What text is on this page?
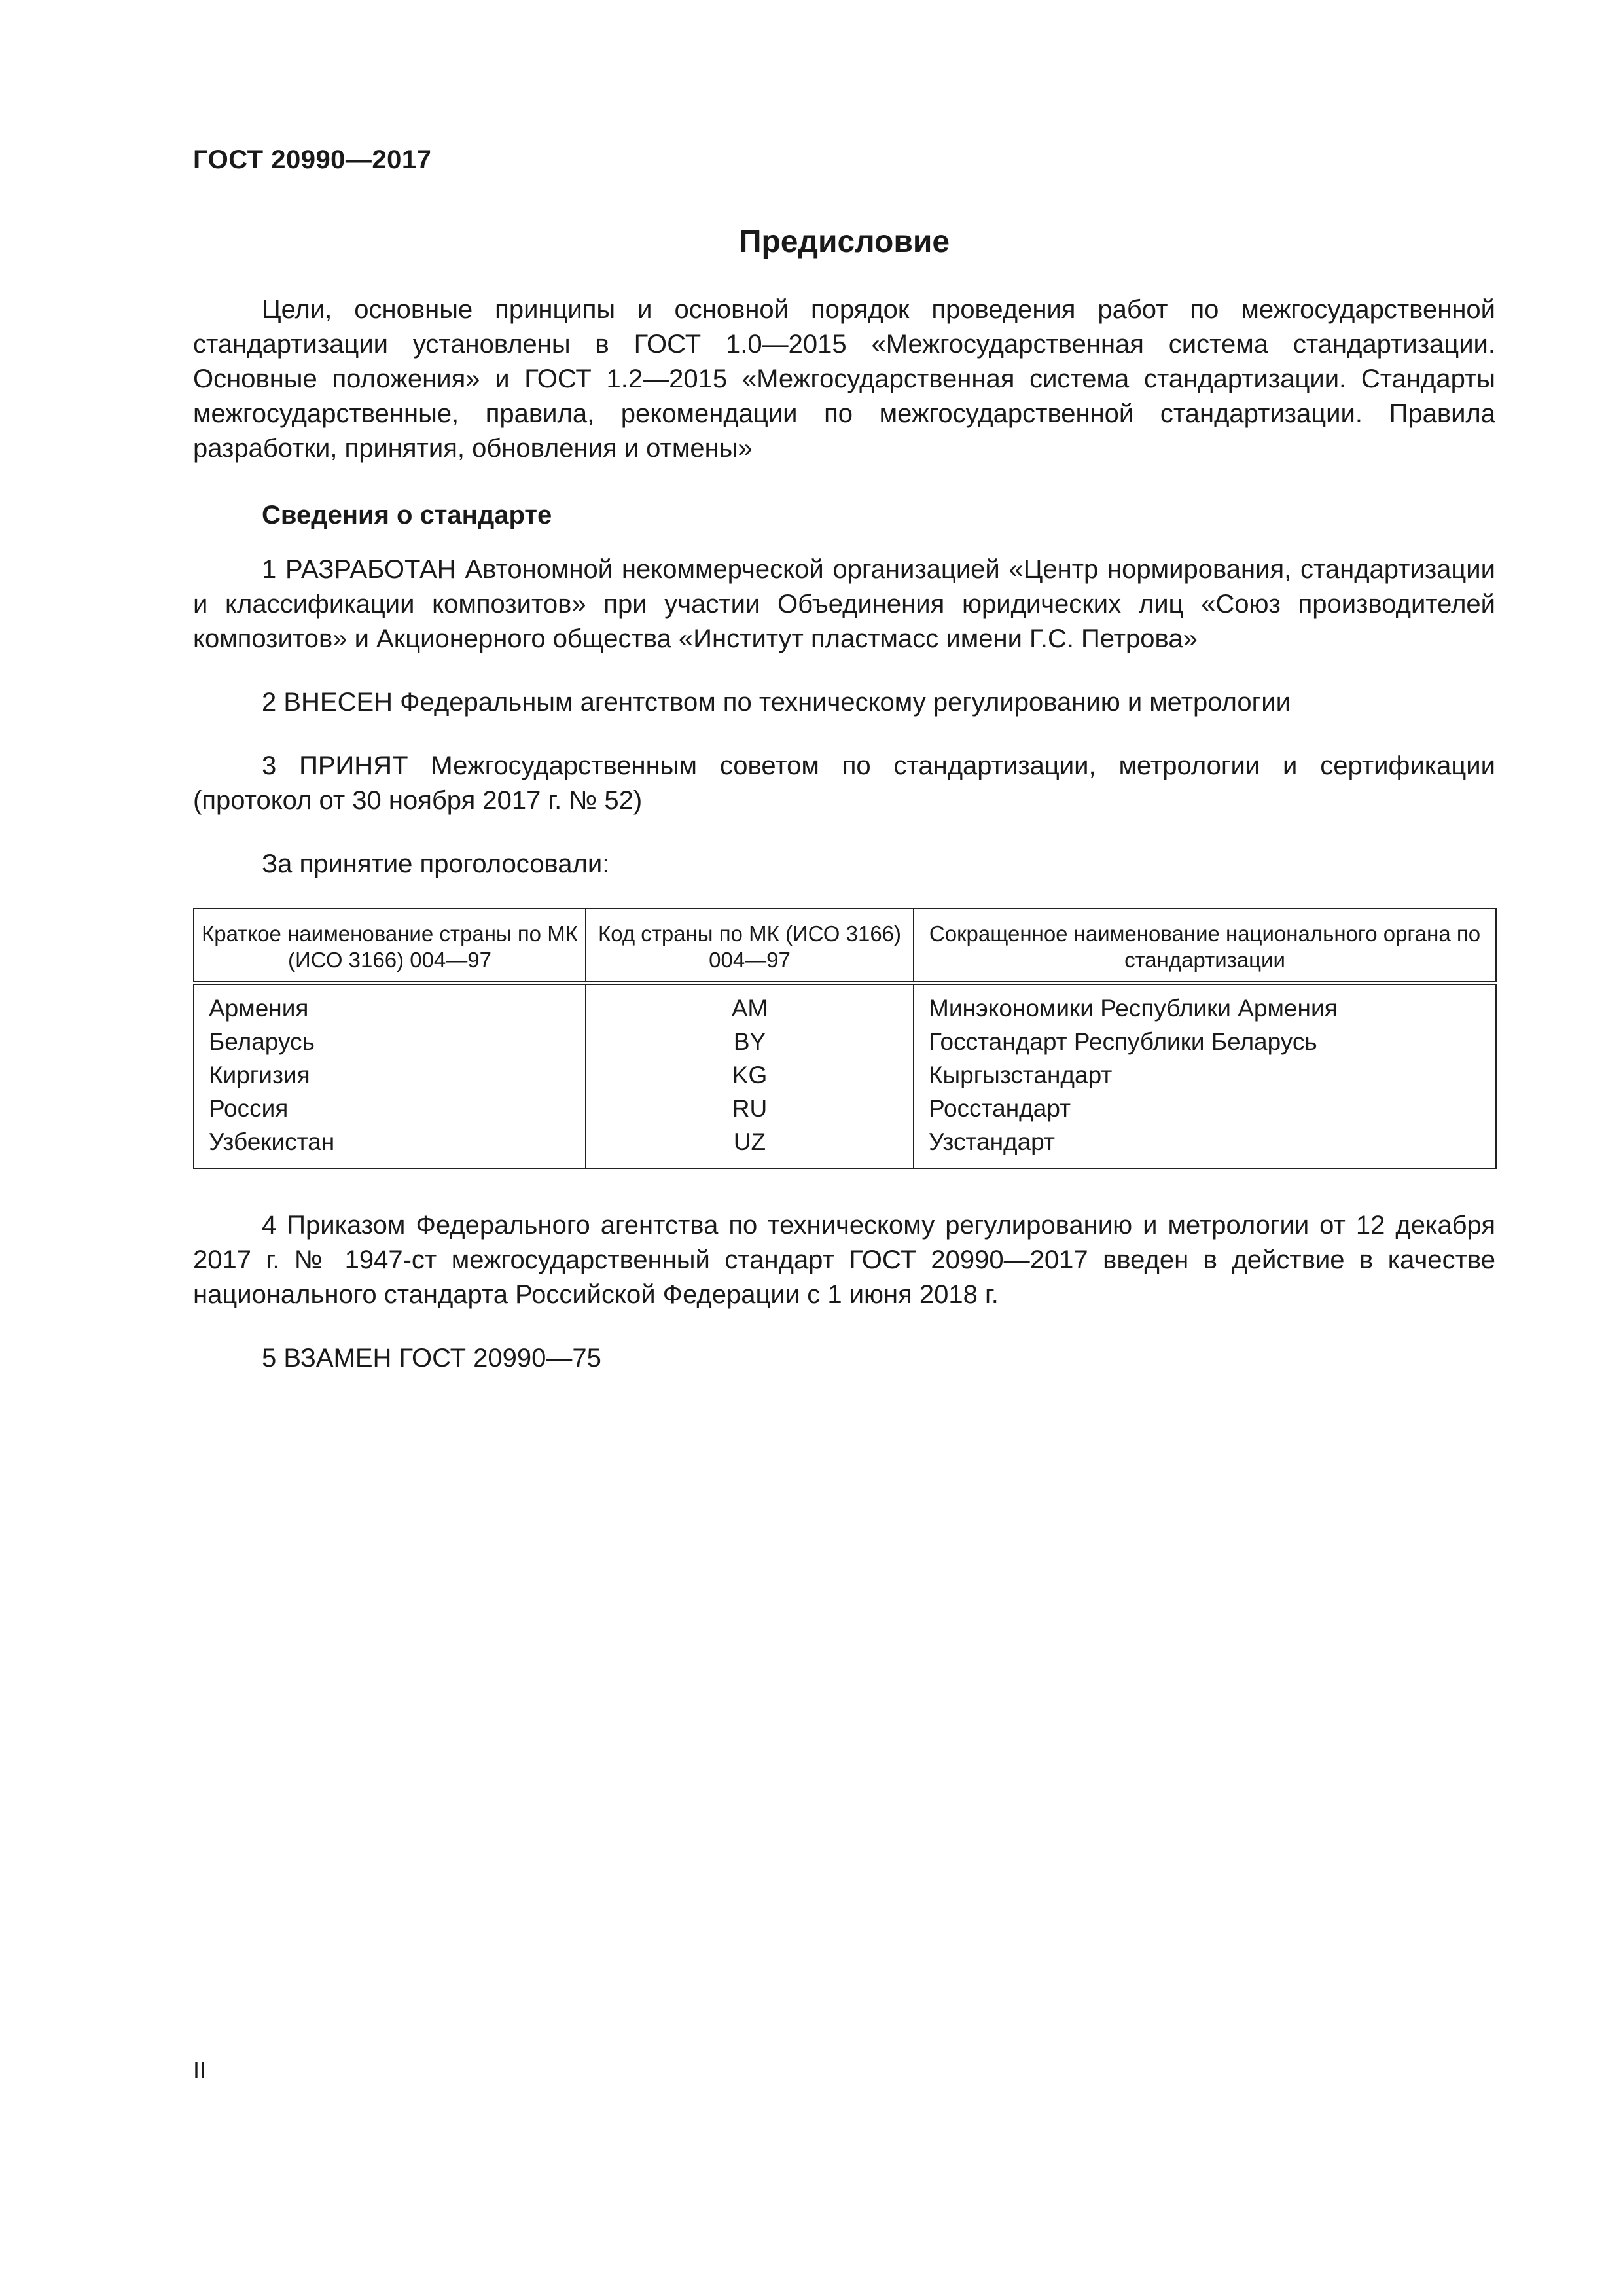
ГОСТ 20990—2017
Предисловие

Цели, основные принципы и основной порядок проведения работ по межгосударственной стандартизации установлены в ГОСТ 1.0—2015 «Межгосударственная система стандартизации. Основные положения» и ГОСТ 1.2—2015 «Межгосударственная система стандартизации. Стандарты межгосударственные, правила, рекомендации по межгосударственной стандартизации. Правила разработки, принятия, обновления и отмены»

Сведения о стандарте

1 РАЗРАБОТАН Автономной некоммерческой организацией «Центр нормирования, стандартизации и классификации композитов» при участии Объединения юридических лиц «Союз производителей композитов» и Акционерного общества «Институт пластмасс имени Г.С. Петрова»

2 ВНЕСЕН Федеральным агентством по техническому регулированию и метрологии

3 ПРИНЯТ Межгосударственным советом по стандартизации, метрологии и сертификации (протокол от 30 ноября 2017 г. № 52)

За принятие проголосовали:

Краткое наименование страны по МК (ИСО 3166) 004—97	Код страны по МК (ИСО 3166) 004—97	Сокращенное наименование национального органа по стандартизации
Армения	AM	Минэкономики Республики Армения
Беларусь	BY	Госстандарт Республики Беларусь
Киргизия	KG	Кыргызстандарт
Россия	RU	Росстандарт
Узбекистан	UZ	Узстандарт

4 Приказом Федерального агентства по техническому регулированию и метрологии от 12 декабря 2017 г. № 1947-ст межгосударственный стандарт ГОСТ 20990—2017 введен в действие в качестве национального стандарта Российской Федерации с 1 июня 2018 г.

5 ВЗАМЕН ГОСТ 20990—75

II
